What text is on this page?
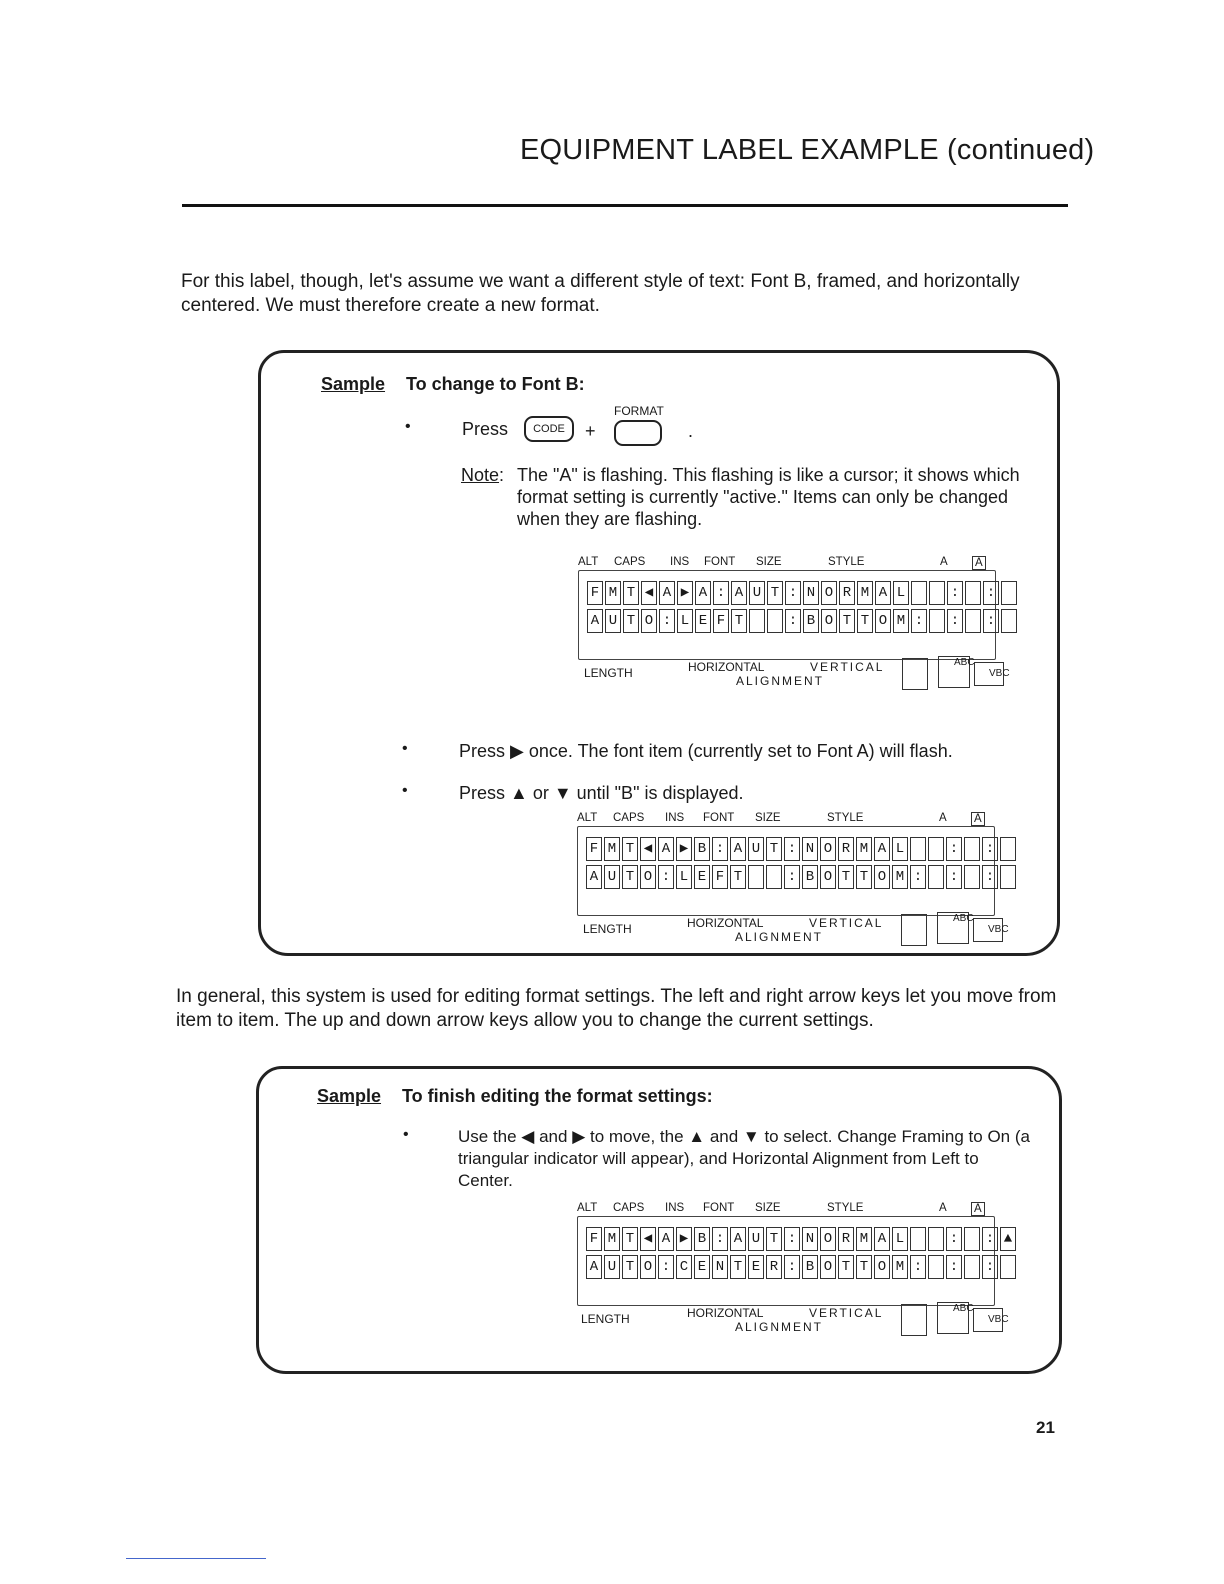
EQUIPMENT LABEL EXAMPLE (continued)
For this label, though, let's assume we want a different style of text: Font B, framed, and horizontally centered. We must therefore create a new format.
Sample To change to Font B:
•	Press	CODE	+
FORMAT
.
Note: The "A" is flashing. This flashing is like a cursor; it shows which format setting is currently "active." Items can only be changed when they are flashing.
ALT CAPS INS FONT SIZE	STYLE	A A
F M T ◀ A ▶ A : A U T : N O R M A L	: :
A U T O : L E F T	: B O T T O M : : :
LENGTH	HORIZONTAL	VERTICAL
ALIGNMENT
ABC
VBC
•	Press ▶ once. The font item (currently set to Font A) will flash.
•	Press ▲ or ▼ until "B" is displayed.
ALT CAPS INS FONT SIZE	STYLE	A A
F M T ◀ A ▶ B : A U T : N O R M A L	: :
A U T O : L E F T	: B O T T O M : : :
LENGTH	HORIZONTAL	VERTICAL
ALIGNMENT
ABC
VBC
In general, this system is used for editing format settings. The left and right arrow keys let you move from item to item. The up and down arrow keys allow you to change the current settings.
Sample To finish editing the format settings:
•	Use the ◀ and ▶ to move, the ▲ and ▼ to select. Change Framing to On (a triangular indicator will appear), and Horizontal Alignment from Left to Center.
ALT CAPS INS FONT SIZE	STYLE	A A
F M T ◀ A ▶ B : A U T : N O R M A L	: : ▲
A U T O : C E N T E R : B O T T O M : : :
LENGTH	HORIZONTAL	VERTICAL
ALIGNMENT
ABC
VBC
21
